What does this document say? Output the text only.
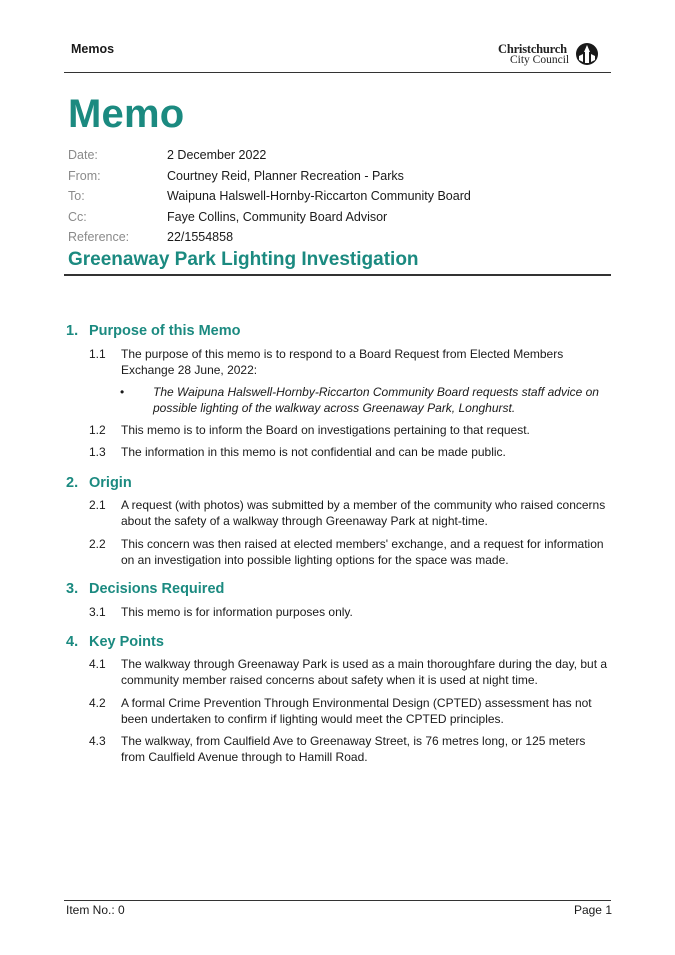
Memos	Christchurch
City Council
Memo
Date:	2 December 2022
From:	Courtney Reid, Planner Recreation - Parks
To:	Waipuna Halswell-Hornby-Riccarton Community Board
Cc:	Faye Collins, Community Board Advisor
Reference:	22/1554858
Greenaway Park Lighting Investigation
1. Purpose of this Memo
1.1 The purpose of this memo is to respond to a Board Request from Elected Members Exchange 28 June, 2022:
• The Waipuna Halswell-Hornby-Riccarton Community Board requests staff advice on possible lighting of the walkway across Greenaway Park, Longhurst.
1.2 This memo is to inform the Board on investigations pertaining to that request.
1.3 The information in this memo is not confidential and can be made public.
2. Origin
2.1 A request (with photos) was submitted by a member of the community who raised concerns about the safety of a walkway through Greenaway Park at night-time.
2.2 This concern was then raised at elected members' exchange, and a request for information on an investigation into possible lighting options for the space was made.
3. Decisions Required
3.1 This memo is for information purposes only.
4. Key Points
4.1 The walkway through Greenaway Park is used as a main thoroughfare during the day, but a community member raised concerns about safety when it is used at night time.
4.2 A formal Crime Prevention Through Environmental Design (CPTED) assessment has not been undertaken to confirm if lighting would meet the CPTED principles.
4.3 The walkway, from Caulfield Ave to Greenaway Street, is 76 metres long, or 125 meters from Caulfield Avenue through to Hamill Road.
Item No.: 0	Page 1
